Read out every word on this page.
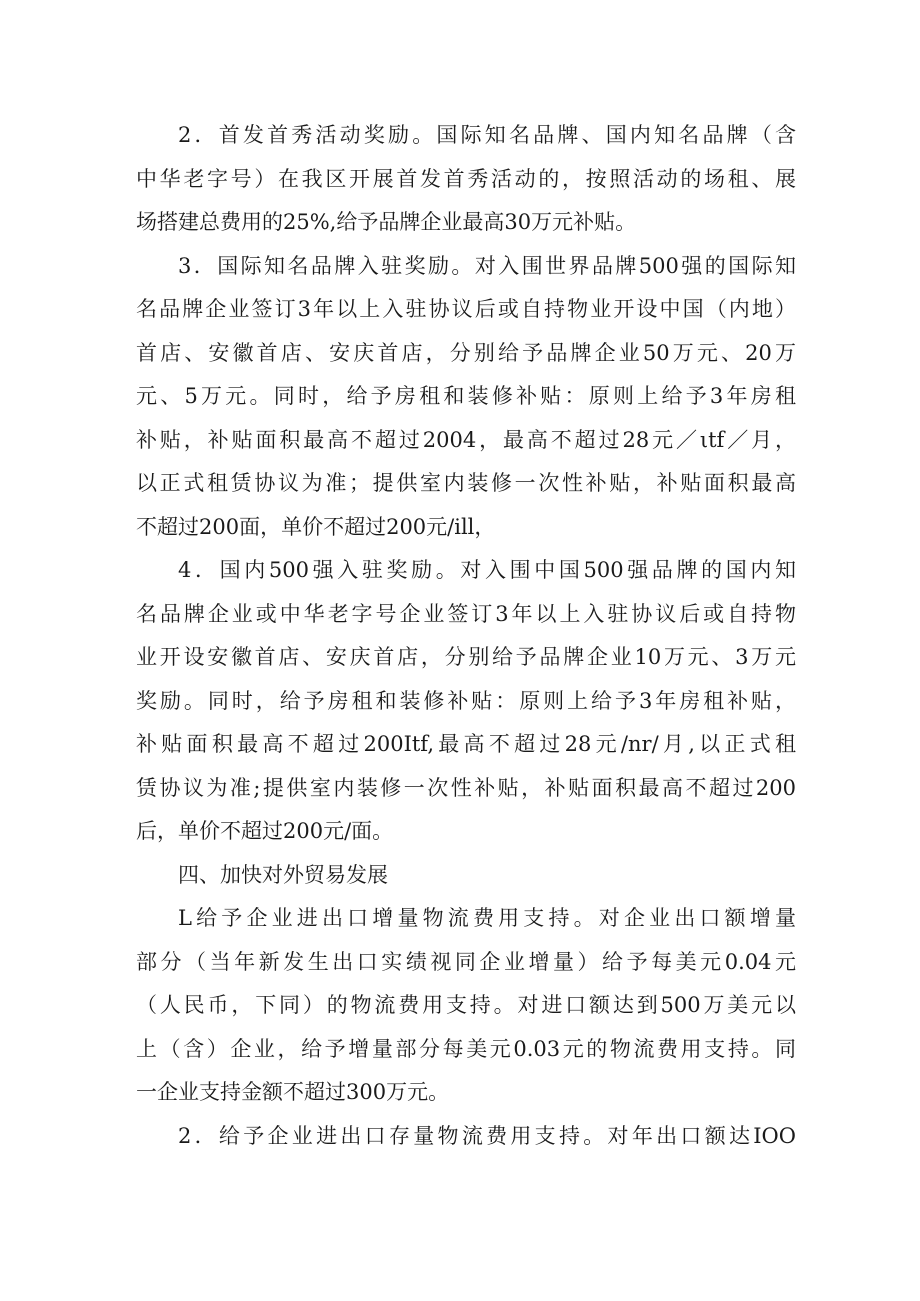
2．首发首秀活动奖励。国际知名品牌、国内知名品牌（含
中华老字号）在我区开展首发首秀活动的，按照活动的场租、展
场搭建总费用的25%,给予品牌企业最高30万元补贴。
3．国际知名品牌入驻奖励。对入围世界品牌500强的国际知
名品牌企业签订3年以上入驻协议后或自持物业开设中国（内地）
首店、安徽首店、安庆首店，分别给予品牌企业50万元、20万
元、5万元。同时，给予房租和装修补贴：原则上给予3年房租
补贴，补贴面积最高不超过2004，最高不超过28元／ιtf／月，
以正式租赁协议为准；提供室内装修一次性补贴，补贴面积最高
不超过200面，单价不超过200元/ill，
4．国内500强入驻奖励。对入围中国500强品牌的国内知
名品牌企业或中华老字号企业签订3年以上入驻协议后或自持物
业开设安徽首店、安庆首店，分别给予品牌企业10万元、3万元
奖励。同时，给予房租和装修补贴：原则上给予3年房租补贴，
补贴面积最高不超过200Itf,最高不超过28元/nr/月,以正式租
赁协议为准;提供室内装修一次性补贴，补贴面积最高不超过200
后，单价不超过200元/面。
四、加快对外贸易发展
L给予企业进出口增量物流费用支持。对企业出口额增量
部分（当年新发生出口实绩视同企业增量）给予每美元0.04元
（人民币，下同）的物流费用支持。对进口额达到500万美元以
上（含）企业，给予增量部分每美元0.03元的物流费用支持。同
一企业支持金额不超过300万元。
2．给予企业进出口存量物流费用支持。对年出口额达IOO
